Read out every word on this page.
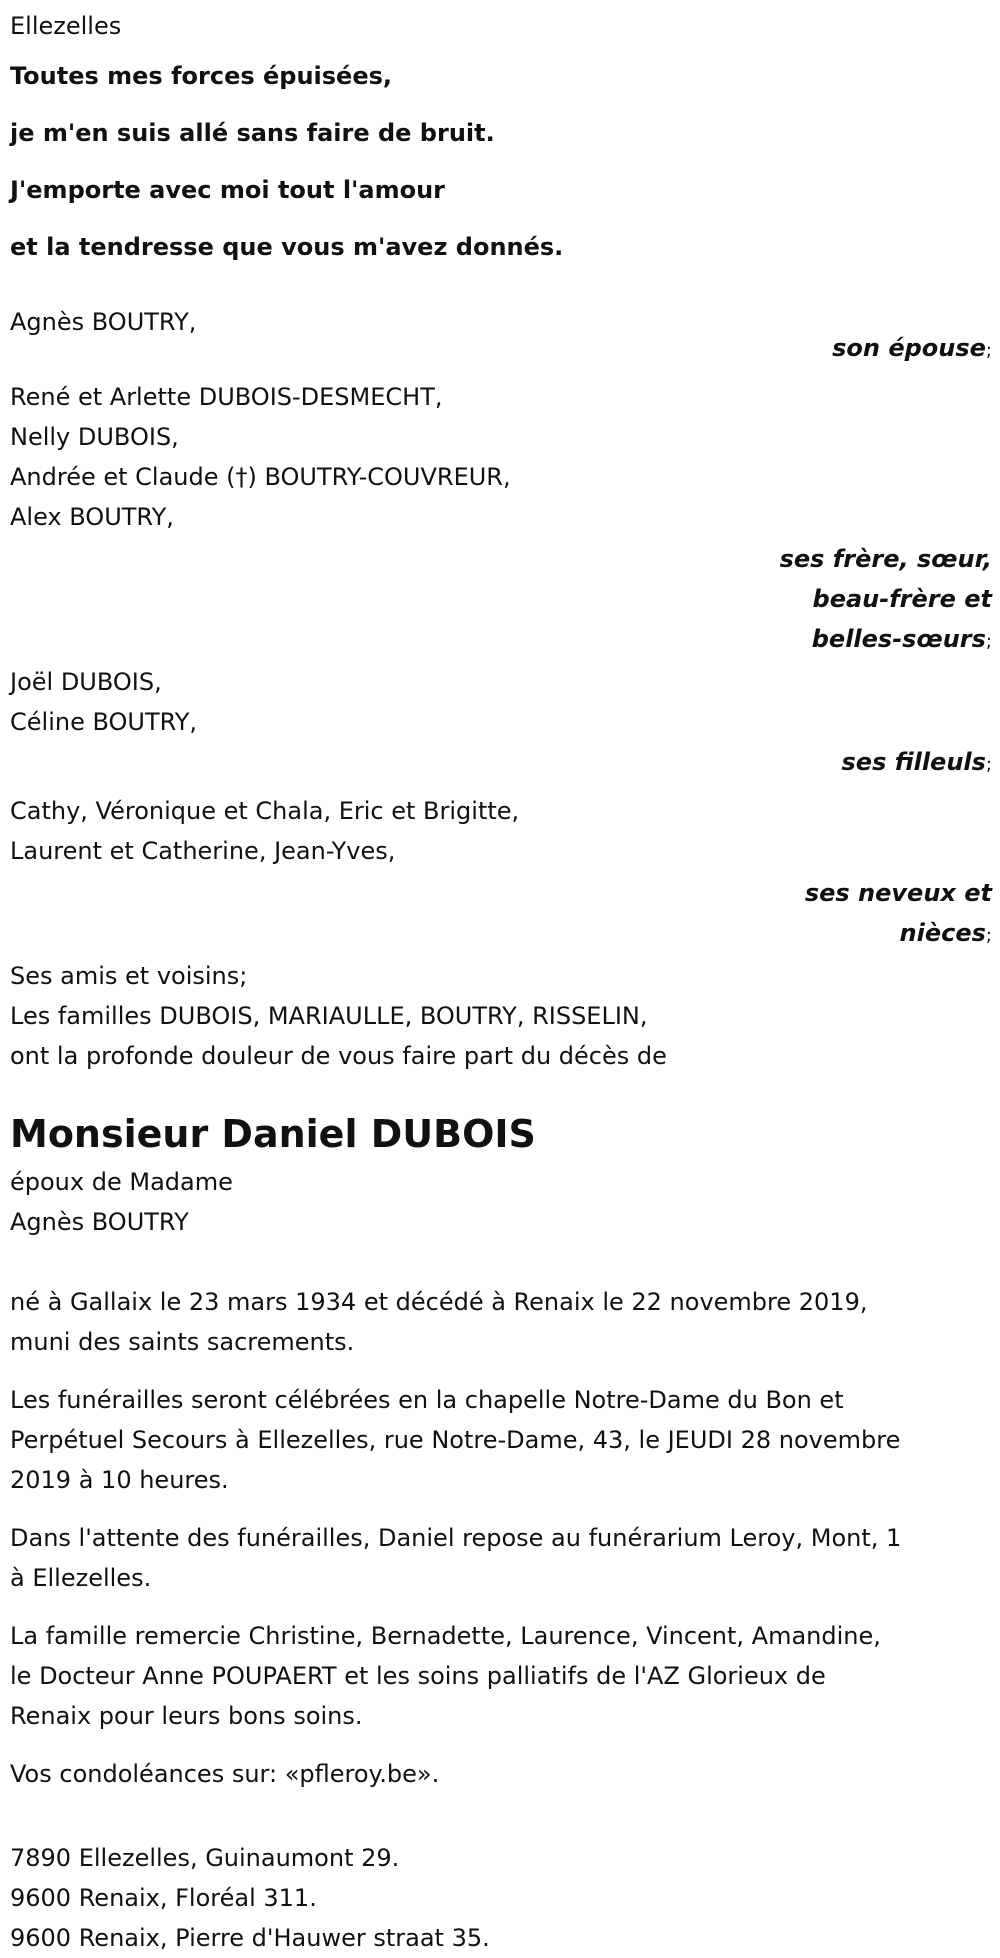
Ellezelles
Toutes mes forces épuisées,
je m'en suis allé sans faire de bruit.
J'emporte avec moi tout l'amour
et la tendresse que vous m'avez donnés.
Agnès BOUTRY,
son épouse;
René et Arlette DUBOIS-DESMECHT,
Nelly DUBOIS,
Andrée et Claude (†) BOUTRY-COUVREUR,
Alex BOUTRY,
ses frère, sœur,
beau-frère et
belles-sœurs;
Joël DUBOIS,
Céline BOUTRY,
ses filleuls;
Cathy, Véronique et Chala, Eric et Brigitte,
Laurent et Catherine, Jean-Yves,
ses neveux et
nièces;
Ses amis et voisins;
Les familles DUBOIS, MARIAULLE, BOUTRY, RISSELIN,
ont la profonde douleur de vous faire part du décès de
Monsieur Daniel DUBOIS
époux de Madame
Agnès BOUTRY
né à Gallaix le 23 mars 1934 et décédé à Renaix le 22 novembre 2019,
muni des saints sacrements.
Les funérailles seront célébrées en la chapelle Notre-Dame du Bon et
Perpétuel Secours à Ellezelles, rue Notre-Dame, 43, le JEUDI 28 novembre
2019 à 10 heures.
Dans l'attente des funérailles, Daniel repose au funérarium Leroy, Mont, 1
à Ellezelles.
La famille remercie Christine, Bernadette, Laurence, Vincent, Amandine,
le Docteur Anne POUPAERT et les soins palliatifs de l'AZ Glorieux de
Renaix pour leurs bons soins.
Vos condoléances sur: «pfleroy.be».
7890 Ellezelles, Guinaumont 29.
9600 Renaix, Floréal 311.
9600 Renaix, Pierre d'Hauwer straat 35.
